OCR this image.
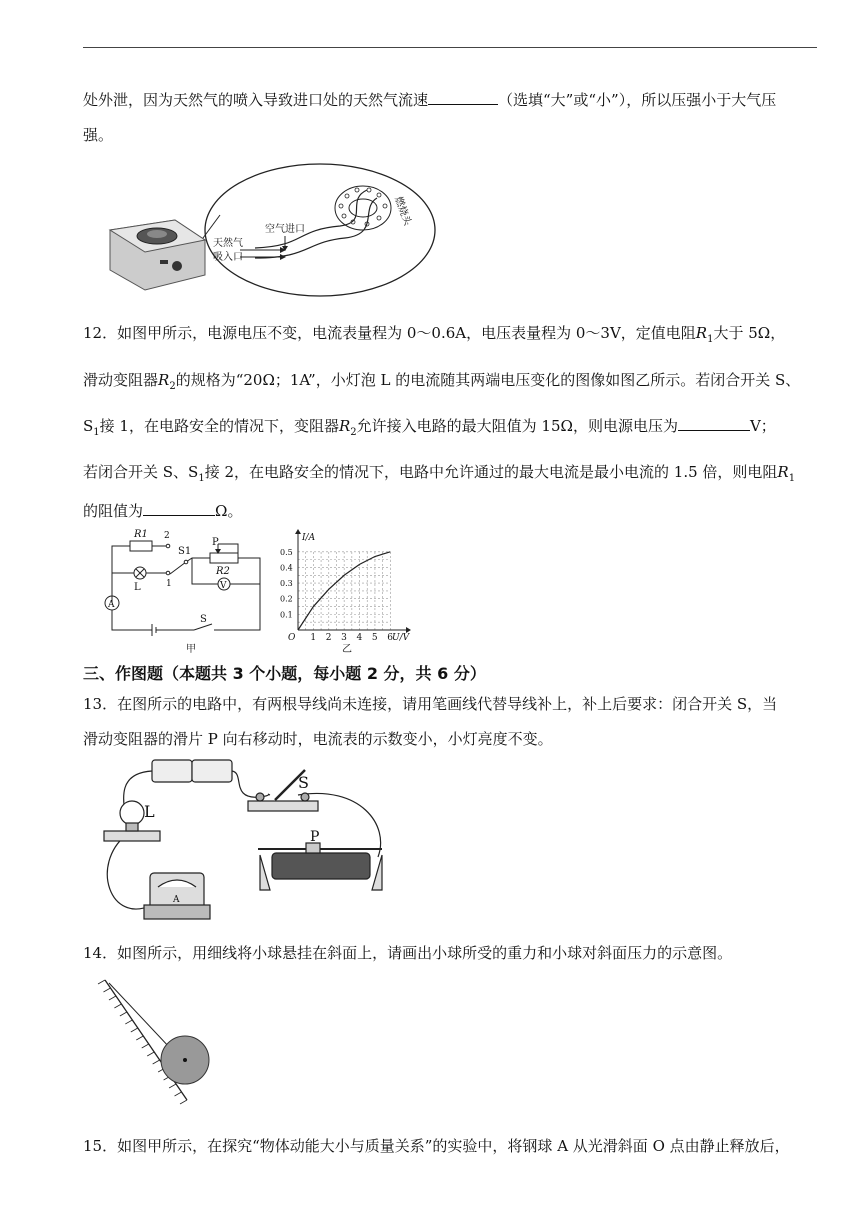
处外泄，因为天然气的喷入导致进口处的天然气流速	（选填“大”或“小”），所以压强小于大气压
强。
空气进口
天然气
吸入口
燃烧头
12．如图甲所示，电源电压不变，电流表量程为 0～0.6A，电压表量程为 0～3V，定值电阻$R_1$大于 5Ω，
滑动变阻器$R_2$的规格为“20Ω；1A”，小灯泡 L 的电流随其两端电压变化的图像如图乙所示。若闭合开关 S、
$S_1$接 1，在电路安全的情况下，变阻器$R_2$允许接入电路的最大阻值为 15Ω，则电源电压为	V；
若闭合开关 S、$S_1$接 2，在电路安全的情况下，电路中允许通过的最大电流是最小电流的 1.5 倍，则电阻$R_1$
的阻值为	Ω。
R1 2
1
S1
P
R2
V
A
L
S
甲
I/A
U/V
O
乙
1 2 3 4 5 6
0.1
0.2
0.3
0.4
0.5
三、作图题（本题共 3 个小题，每小题 2 分，共 6 分）
13．在图所示的电路中，有两根导线尚未连接，请用笔画线代替导线补上，补上后要求：闭合开关 S，当
滑动变阻器的滑片 P 向右移动时，电流表的示数变小，小灯亮度不变。
L
S
P
A
14．如图所示，用细线将小球悬挂在斜面上，请画出小球所受的重力和小球对斜面压力的示意图。
15．如图甲所示，在探究“物体动能大小与质量关系”的实验中，将钢球 A 从光滑斜面 O 点由静止释放后，
